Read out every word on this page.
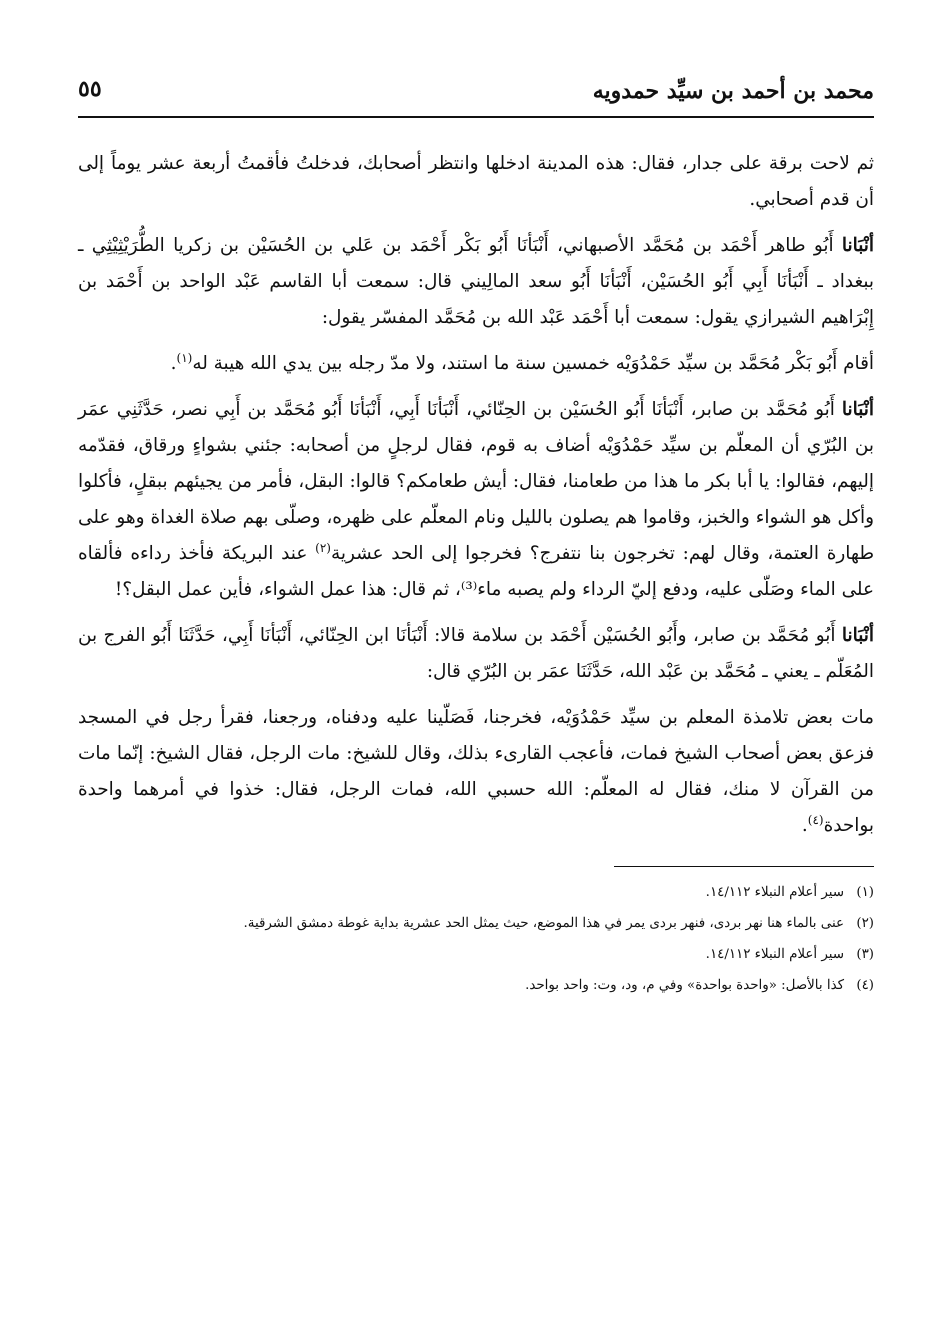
محمد بن أحمد بن سيِّد حمدويه
٥٥

ثم لاحت برقة على جدار، فقال: هذه المدينة ادخلها وانتظر أصحابك، فدخلتُ فأقمتُ أربعة عشر يوماً إلى أن قدم أصحابي.

أنْبَانا أَبُو طاهر أَحْمَد بن مُحَمَّد الأصبهاني، أَنْبَأنَا أَبُو بَكْر أَحْمَد بن عَلي بن الحُسَيْن بن زكريا الطُّرَيْثِيْثِي ـ ببغداد ـ أَنْبَأنَا أَبِي أَبُو الحُسَيْن، أَنْبَأنَا أَبُو سعد المالِيني قال: سمعت أبا القاسم عَبْد الواحد بن أَحْمَد بن إِبْرَاهيم الشيرازي يقول: سمعت أبا أَحْمَد عَبْد الله بن مُحَمَّد المفسّر يقول:

أقام أَبُو بَكْر مُحَمَّد بن سيِّد حَمْدُوَيْه خمسين سنة ما استند، ولا مدّ رجله بين يدي الله هيبة له$^{(١)}$.

أنْبَانا أَبُو مُحَمَّد بن صابر، أَنْبَأنَا أَبُو الحُسَيْن بن الحِنّائي، أَنْبَأنَا أَبِي، أَنْبَأنَا أَبُو مُحَمَّد بن أَبِي نصر، حَدَّثَنِي عمَر بن البُرّي أن المعلّم بن سيِّد حَمْدُوَيْه أضاف به قوم، فقال لرجلٍ من أصحابه: جئني بشواءٍ ورقاق، فقدّمه إليهم، فقالوا: يا أبا بكر ما هذا من طعامنا، فقال: أيش طعامكم؟ قالوا: البقل، فأمر من يجيئهم ببقلٍ، فأكلوا وأكل هو الشواء والخبز، وقاموا هم يصلون بالليل ونام المعلّم على ظهره، وصلّى بهم صلاة الغداة وهو على طهارة العتمة، وقال لهم: تخرجون بنا نتفرج؟ فخرجوا إلى الحد عشرية$^{(٢)}$ عند البريكة فأخذ رداءه فألقاه على الماء وصَلّى عليه، ودفع إليّ الرداء ولم يصبه ماء⁽³⁾، ثم قال: هذا عمل الشواء، فأين عمل البقل؟!

أنْبَانا أَبُو مُحَمَّد بن صابر، وأَبُو الحُسَيْن أَحْمَد بن سلامة قالا: أَنْبَأنَا ابن الحِنّائي، أَنْبَأنَا أَبِي، حَدَّثَنَا أَبُو الفرج بن المُعَلّم ـ يعني ـ مُحَمَّد بن عَبْد الله، حَدَّثَنَا عمَر بن البُرّي قال:

مات بعض تلامذة المعلم بن سيِّد حَمْدُوَيْه، فخرجنا، فَصَلّينا عليه ودفناه، ورجعنا، فقرأ رجل في المسجد فزعق بعض أصحاب الشيخ فمات، فأعجب القارىء بذلك، وقال للشيخ: مات الرجل، فقال الشيخ: إنّما مات من القرآن لا منك، فقال له المعلّم: الله حسبي الله، فمات الرجل، فقال: خذوا في أمرهما واحدة بواحدة$^{(٤)}$.

(١)سير أعلام النبلاء ١٤/١١٢.
(٢)عنى بالماء هنا نهر بردى، فنهر بردى يمر في هذا الموضع، حيث يمثل الحد عشرية بداية غوطة دمشق الشرقية.
(٣)سير أعلام النبلاء ١٤/١١٢.
(٤)كذا بالأصل: «واحدة بواحدة» وفي م، ود، وت: واحد بواحد.
